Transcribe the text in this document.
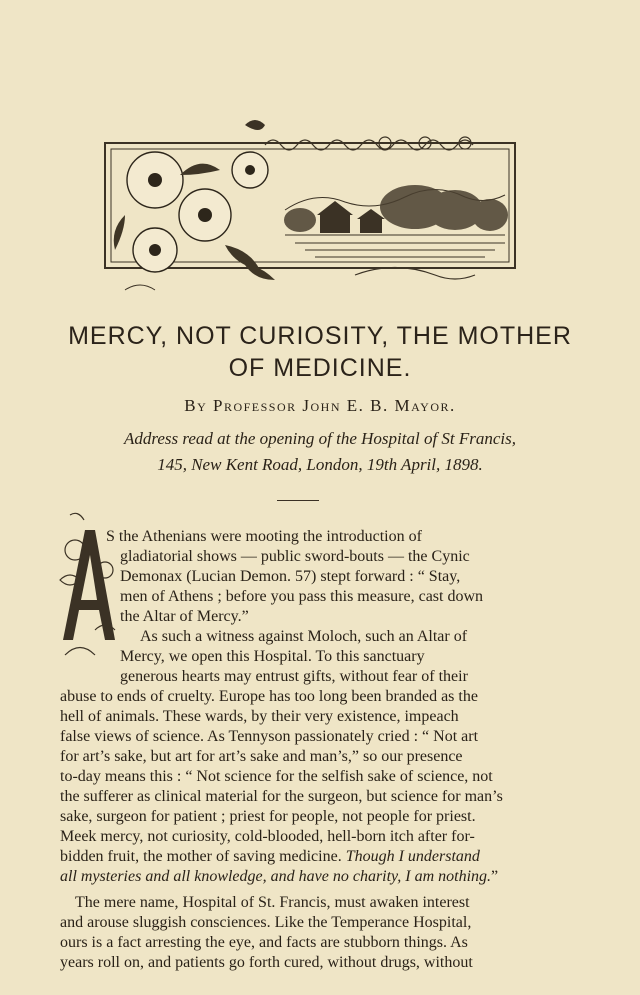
MERCY, NOT CURIOSITY, THE MOTHER
OF MEDICINE.
By Professor John E. B. Mayor.
Address read at the opening of the Hospital of St Francis,
145, New Kent Road, London, 19th April, 1898.
S the Athenians were mooting the introduction of
gladiatorial shows — public sword-bouts — the Cynic
Demonax (Lucian Demon. 57) stept forward : “ Stay,
men of Athens ; before you pass this measure, cast down
the Altar of Mercy.”
As such a witness against Moloch, such an Altar of
Mercy, we open this Hospital. To this sanctuary
generous hearts may entrust gifts, without fear of their
abuse to ends of cruelty. Europe has too long been branded as the
hell of animals. These wards, by their very existence, impeach
false views of science. As Tennyson passionately cried : “ Not art
for art’s sake, but art for art’s sake and man’s,” so our presence
to-day means this : “ Not science for the selfish sake of science, not
the sufferer as clinical material for the surgeon, but science for man’s
sake, surgeon for patient ; priest for people, not people for priest.
Meek mercy, not curiosity, cold-blooded, hell-born itch after for-
bidden fruit, the mother of saving medicine. Though I understand
all mysteries and all knowledge, and have no charity, I am nothing.”
The mere name, Hospital of St. Francis, must awaken interest
and arouse sluggish consciences. Like the Temperance Hospital,
ours is a fact arresting the eye, and facts are stubborn things. As
years roll on, and patients go forth cured, without drugs, without
